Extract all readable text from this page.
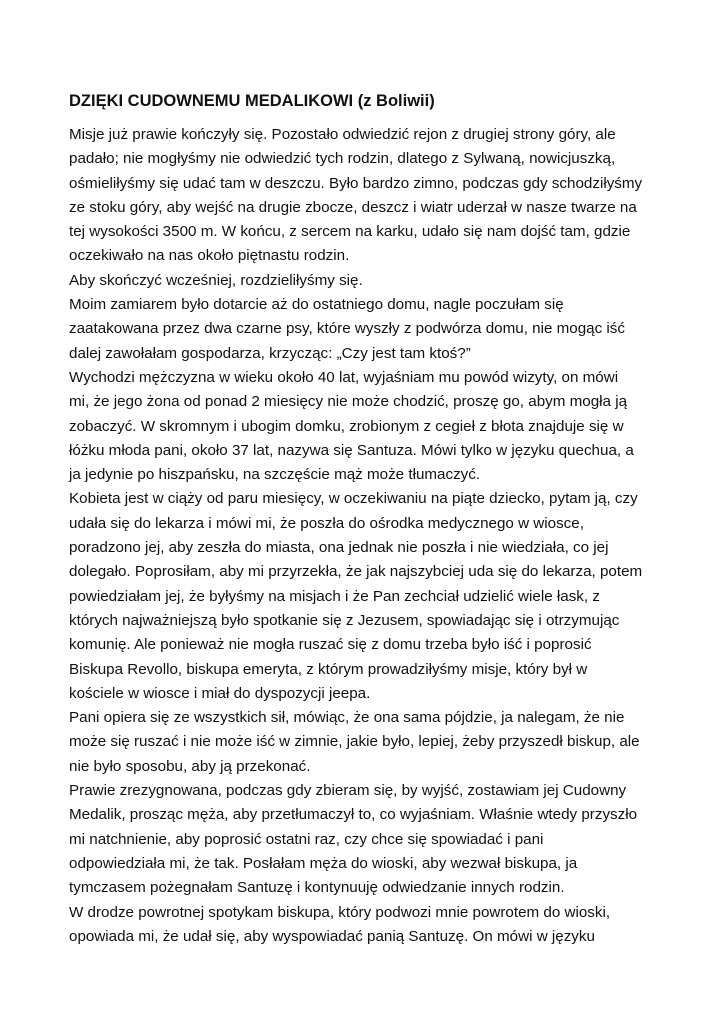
DZIĘKI CUDOWNEMU MEDALIKOWI (z Boliwii)
Misje już prawie kończyły się. Pozostało odwiedzić rejon z drugiej strony góry, ale
padało; nie mogłyśmy nie odwiedzić tych rodzin, dlatego z Sylwaną, nowicjuszką,
ośmieliłyśmy się udać tam w deszczu. Było bardzo zimno, podczas gdy schodziłyśmy
ze stoku góry, aby wejść na drugie zbocze, deszcz i wiatr uderzał w nasze twarze na
tej wysokości 3500 m. W końcu, z sercem na karku, udało się nam dojść tam, gdzie
oczekiwało na nas około piętnastu rodzin.
Aby skończyć wcześniej, rozdzieliłyśmy się.
Moim zamiarem było dotarcie aż do ostatniego domu, nagle poczułam się
zaatakowana przez dwa czarne psy, które wyszły z podwórza domu, nie mogąc iść
dalej zawołałam gospodarza, krzycząc: „Czy jest tam ktoś?”
Wychodzi mężczyzna w wieku około 40 lat, wyjaśniam mu powód wizyty, on mówi
mi, że jego żona od ponad 2 miesięcy nie może chodzić, proszę go, abym mogła ją
zobaczyć. W skromnym i ubogim domku, zrobionym z cegieł z błota znajduje się w
łóżku młoda pani, około 37 lat, nazywa się Santuza. Mówi tylko w języku quechua, a
ja jedynie po hiszpańsku, na szczęście mąż może tłumaczyć.
Kobieta jest w ciąży od paru miesięcy, w oczekiwaniu na piąte dziecko, pytam ją, czy
udała się do lekarza i mówi mi, że poszła do ośrodka medycznego w wiosce,
poradzono jej, aby zeszła do miasta, ona jednak nie poszła i nie wiedziała, co jej
dolegało. Poprosiłam, aby mi przyrzekła, że jak najszybciej uda się do lekarza, potem
powiedziałam jej, że byłyśmy na misjach i że Pan zechciał udzielić wiele łask, z
których najważniejszą było spotkanie się z Jezusem, spowiadając się i otrzymując
komunię. Ale ponieważ nie mogła ruszać się z domu trzeba było iść i poprosić
Biskupa Revollo, biskupa emeryta, z którym prowadziłyśmy misje, który był w
kościele w wiosce i miał do dyspozycji jeepa.
Pani opiera się ze wszystkich sił, mówiąc, że ona sama pójdzie, ja nalegam, że nie
może się ruszać i nie może iść w zimnie, jakie było, lepiej, żeby przyszedł biskup, ale
nie było sposobu, aby ją przekonać.
Prawie zrezygnowana, podczas gdy zbieram się, by wyjść, zostawiam jej Cudowny
Medalik, prosząc męża, aby przetłumaczył to, co wyjaśniam. Właśnie wtedy przyszło
mi natchnienie, aby poprosić ostatni raz, czy chce się spowiadać i pani
odpowiedziała mi, że tak. Posłałam męża do wioski, aby wezwał biskupa, ja
tymczasem pożegnałam Santuzę i kontynuuję odwiedzanie innych rodzin.
W drodze powrotnej spotykam biskupa, który podwozi mnie powrotem do wioski,
opowiada mi, że udał się, aby wyspowiadać panią Santuzę. On mówi w języku
